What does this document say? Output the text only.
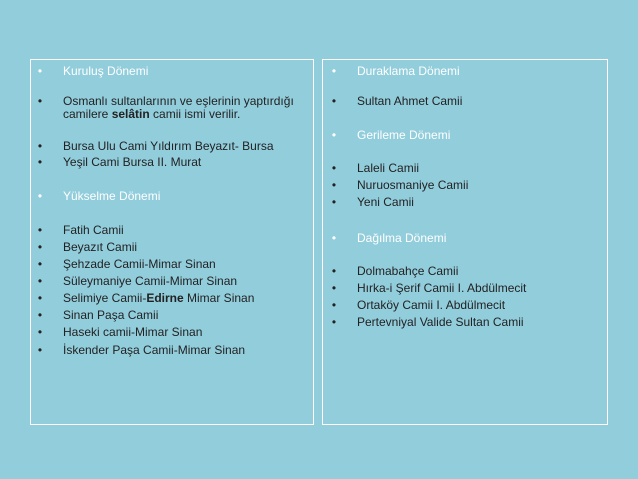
• Kuruluş Dönemi
• Osmanlı sultanlarının ve eşlerinin yaptırdığı camilere selâtin camii ismi verilir.
• Bursa Ulu Cami Yıldırım Beyazıt- Bursa
• Yeşil Cami Bursa II. Murat
• Yükselme Dönemi
• Fatih Camii
• Beyazıt Camii
• Şehzade Camii-Mimar Sinan
• Süleymaniye Camii-Mimar Sinan
• Selimiye Camii-Edirne Mimar Sinan
• Sinan Paşa Camii
• Haseki camii-Mimar Sinan
• İskender Paşa Camii-Mimar Sinan
• Duraklama Dönemi
• Sultan Ahmet Camii
• Gerileme Dönemi
• Laleli Camii
• Nuruosmaniye Camii
• Yeni Camii
• Dağılma Dönemi
• Dolmabahçe Camii
• Hırka-i Şerif Camii I. Abdülmecit
• Ortaköy Camii I. Abdülmecit
• Pertevniyal Valide Sultan Camii
